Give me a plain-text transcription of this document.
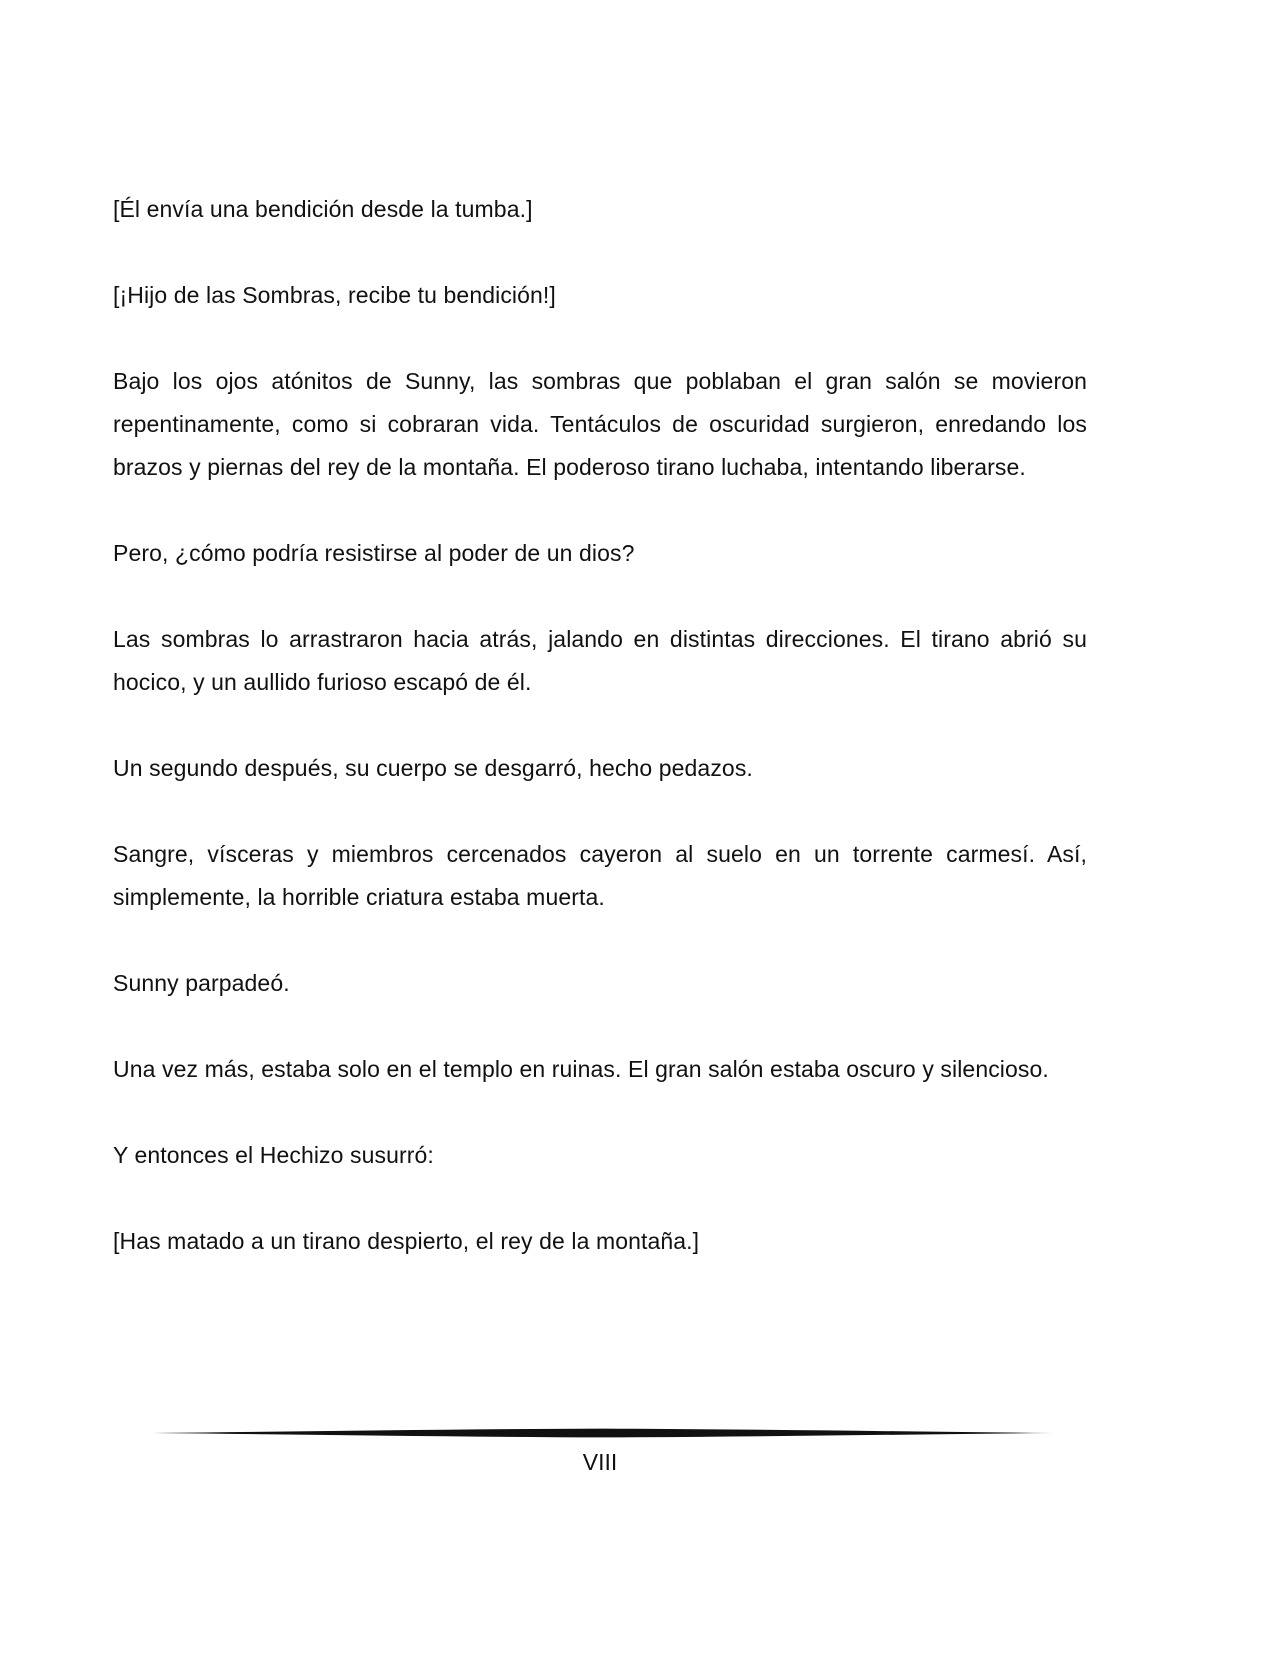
[Él envía una bendición desde la tumba.]

[¡Hijo de las Sombras, recibe tu bendición!]

Bajo los ojos atónitos de Sunny, las sombras que poblaban el gran salón se movieron repentinamente, como si cobraran vida. Tentáculos de oscuridad surgieron, enredando los brazos y piernas del rey de la montaña. El poderoso tirano luchaba, intentando liberarse.

Pero, ¿cómo podría resistirse al poder de un dios?

Las sombras lo arrastraron hacia atrás, jalando en distintas direcciones. El tirano abrió su hocico, y un aullido furioso escapó de él.

Un segundo después, su cuerpo se desgarró, hecho pedazos.

Sangre, vísceras y miembros cercenados cayeron al suelo en un torrente carmesí. Así, simplemente, la horrible criatura estaba muerta.

Sunny parpadeó.

Una vez más, estaba solo en el templo en ruinas. El gran salón estaba oscuro y silencioso.

Y entonces el Hechizo susurró:

[Has matado a un tirano despierto, el rey de la montaña.]

VIII
